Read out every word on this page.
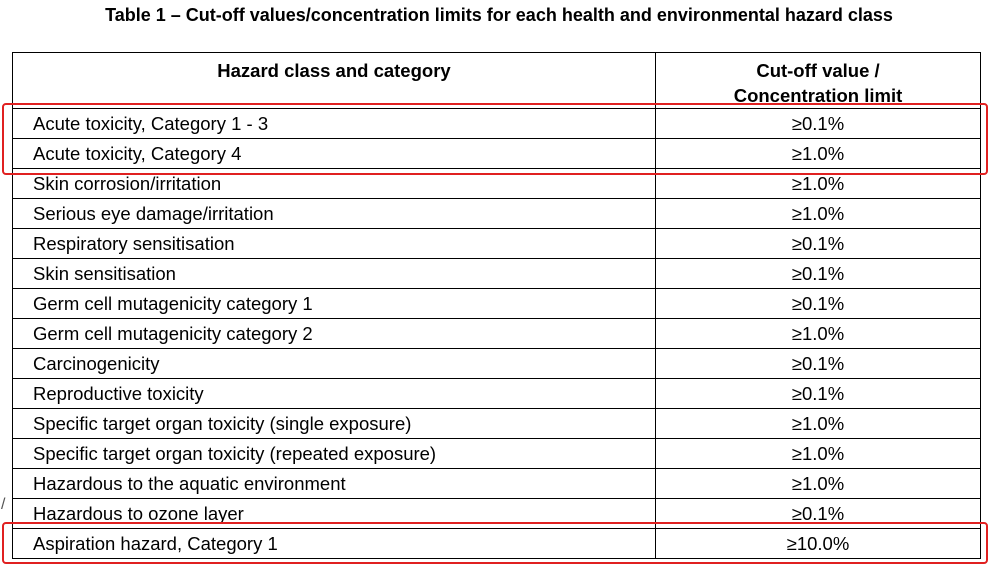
Table 1 – Cut-off values/concentration limits for each health and environmental hazard class
Hazard class and category	Cut-off value /
Concentration limit
Acute toxicity, Category 1 - 3	≥0.1%
Acute toxicity, Category 4	≥1.0%
Skin corrosion/irritation	≥1.0%
Serious eye damage/irritation	≥1.0%
Respiratory sensitisation	≥0.1%
Skin sensitisation	≥0.1%
Germ cell mutagenicity category 1	≥0.1%
Germ cell mutagenicity category 2	≥1.0%
Carcinogenicity	≥0.1%
Reproductive toxicity	≥0.1%
Specific target organ toxicity (single exposure)	≥1.0%
Specific target organ toxicity (repeated exposure)	≥1.0%
Hazardous to the aquatic environment	≥1.0%
Hazardous to ozone layer	≥0.1%
Aspiration hazard, Category 1	≥10.0%
/
